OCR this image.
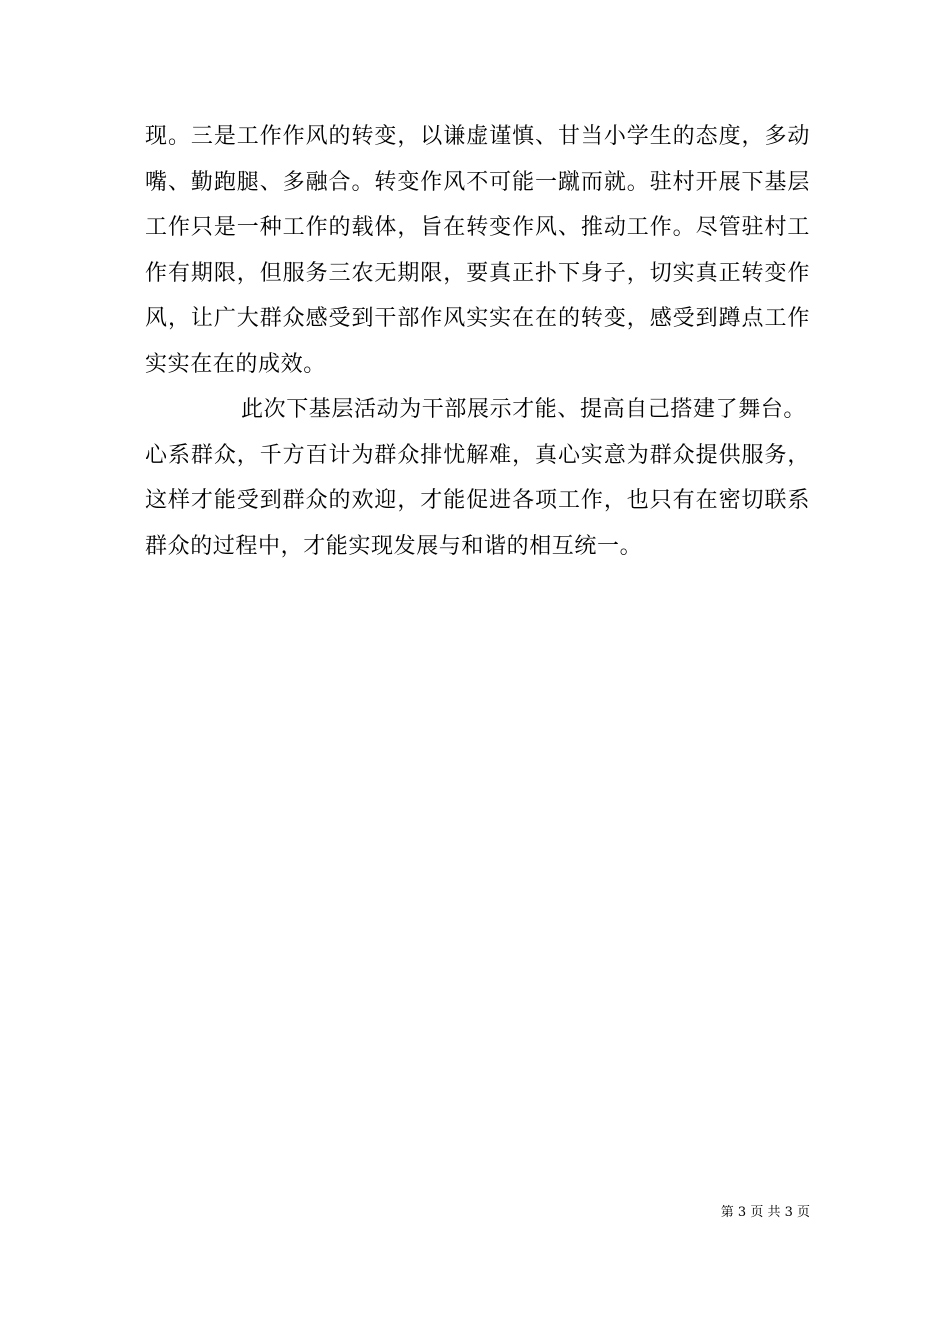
现。三是工作作风的转变，以谦虚谨慎、甘当小学生的态度，多动
嘴、勤跑腿、多融合。转变作风不可能一蹴而就。驻村开展下基层
工作只是一种工作的载体，旨在转变作风、推动工作。尽管驻村工
作有期限，但服务三农无期限，要真正扑下身子，切实真正转变作
风，让广大群众感受到干部作风实实在在的转变，感受到蹲点工作
实实在在的成效。
此次下基层活动为干部展示才能、提高自己搭建了舞台。
心系群众，千方百计为群众排忧解难，真心实意为群众提供服务，
这样才能受到群众的欢迎，才能促进各项工作，也只有在密切联系
群众的过程中，才能实现发展与和谐的相互统一。
第 3 页 共 3 页
